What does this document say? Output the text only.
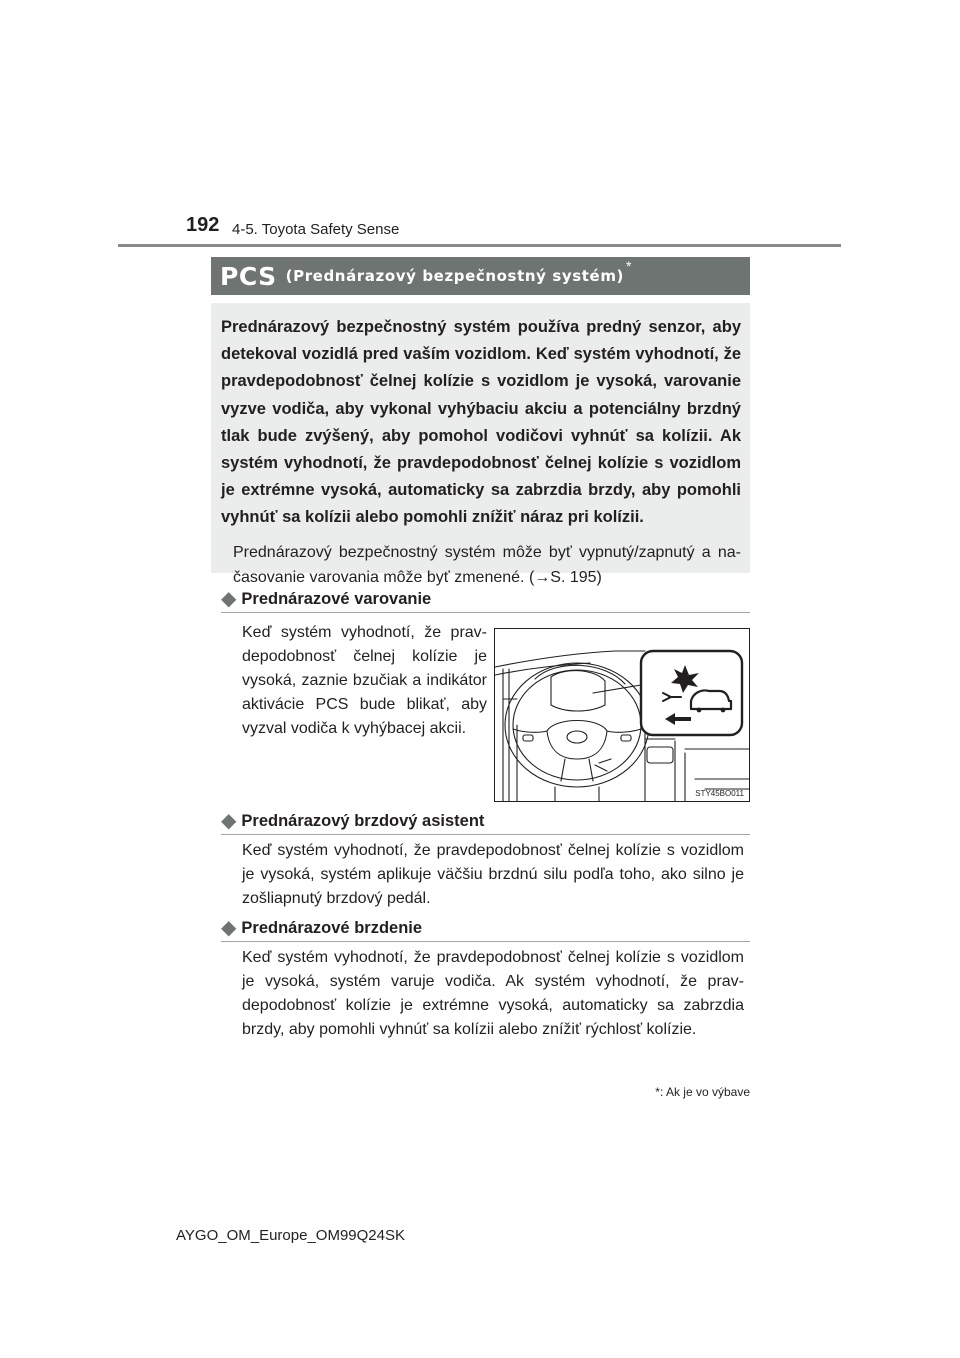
192 4-5. Toyota Safety Sense
PCS (Prednárazový bezpečnostný systém)
*

Prednárazový bezpečnostný systém používa predný senzor, aby detekoval vozidlá pred vaším vozidlom. Keď systém vyhodnotí, že pravdepodobnosť čelnej kolízie s vozidlom je vysoká, varovanie vyzve vodiča, aby vykonal vyhýbaciu akciu a potenciálny brzdný tlak bude zvýšený, aby pomohol vodičovi vyhnúť sa kolízii. Ak systém vyhodnotí, že pravdepodobnosť čelnej kolízie s vozidlom je extrémne vysoká, automaticky sa zabrzdia brzdy, aby pomohli vyhnúť sa kolízii alebo pomohli znížiť náraz pri kolízii.

Prednárazový bezpečnostný systém môže byť vypnutý/zapnutý a načasovanie varovania môže byť zmenené. (→S. 195)

◆ Prednárazové varovanie
Keď systém vyhodnotí, že pravdepodobnosť čelnej kolízie je vysoká, zaznie bzučiak a indikátor aktivácie PCS bude blikať, aby vyzval vodiča k vyhýbacej akcii.
STY45BO011
◆ Prednárazový brzdový asistent
Keď systém vyhodnotí, že pravdepodobnosť čelnej kolízie s vozidlom je vysoká, systém aplikuje väčšiu brzdnú silu podľa toho, ako silno je zošliapnutý brzdový pedál.
◆ Prednárazové brzdenie
Keď systém vyhodnotí, že pravdepodobnosť čelnej kolízie s vozidlom je vysoká, systém varuje vodiča. Ak systém vyhodnotí, že pravdepodobnosť kolízie je extrémne vysoká, automaticky sa zabrzdia brzdy, aby pomohli vyhnúť sa kolízii alebo znížiť rýchlosť kolízie.
*: Ak je vo výbave
AYGO_OM_Europe_OM99Q24SK
